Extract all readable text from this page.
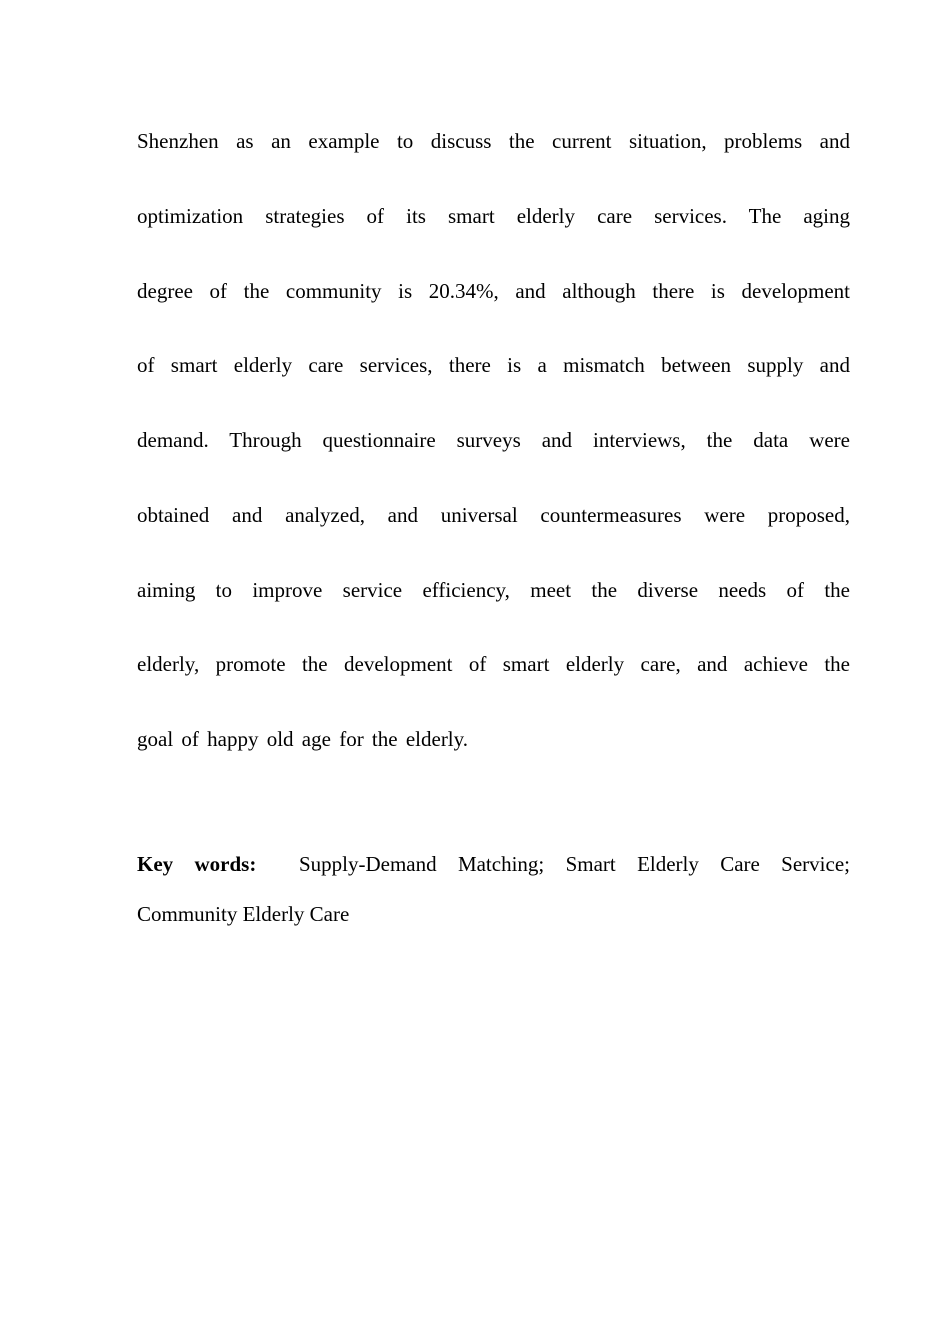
Shenzhen as an example to discuss the current situation, problems and
optimization strategies of its smart elderly care services. The aging
degree of the community is 20.34%, and although there is development
of smart elderly care services, there is a mismatch between supply and
demand. Through questionnaire surveys and interviews, the data were
obtained and analyzed, and universal countermeasures were proposed,
aiming to improve service efficiency, meet the diverse needs of the
elderly, promote the development of smart elderly care, and achieve the
goal of happy old age for the elderly.
Key words: Supply-Demand Matching; Smart Elderly Care Service;
Community Elderly Care
